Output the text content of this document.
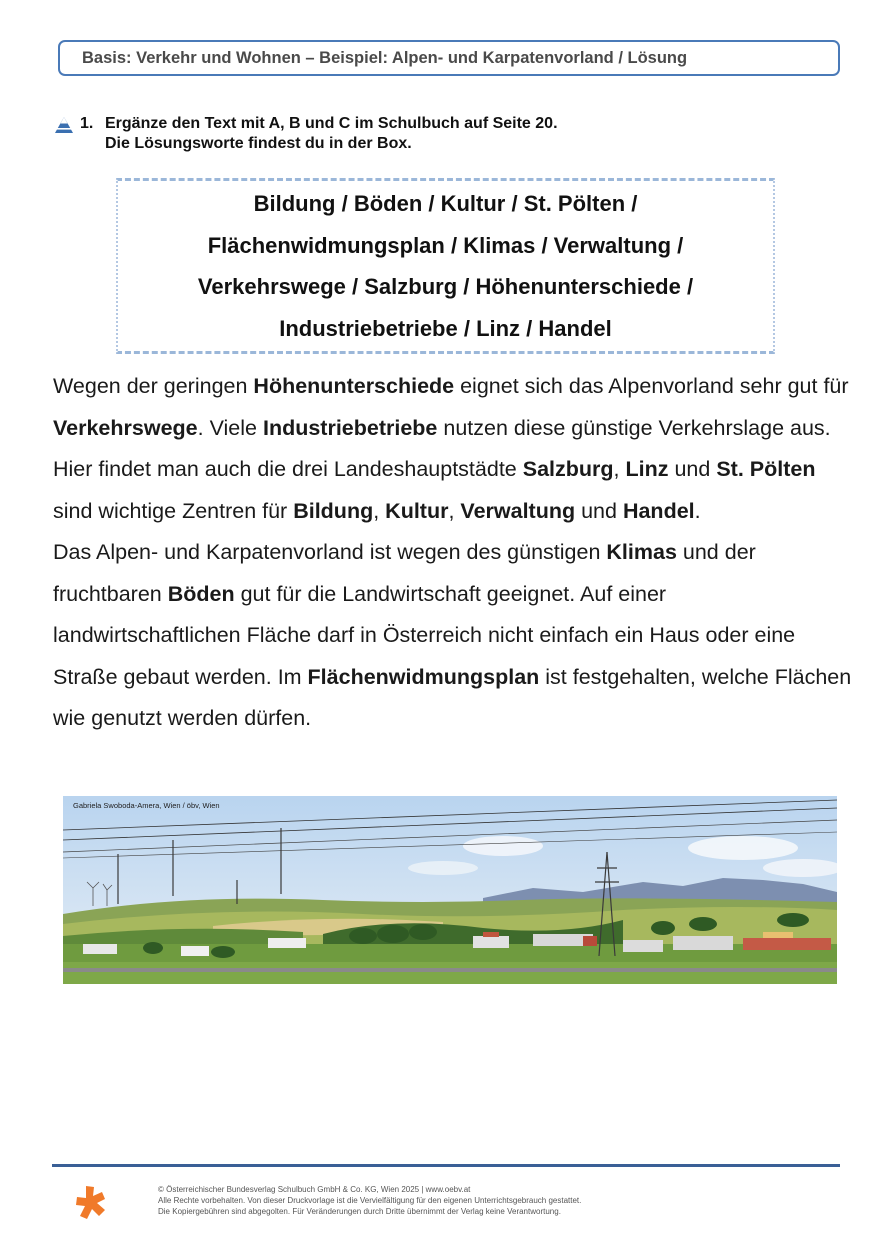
Basis: Verkehr und Wohnen – Beispiel: Alpen- und Karpatenvorland / Lösung
1. Ergänze den Text mit A, B und C im Schulbuch auf Seite 20.
Die Lösungsworte findest du in der Box.
Bildung / Böden / Kultur / St. Pölten /
Flächenwidmungsplan / Klimas / Verwaltung /
Verkehrswege / Salzburg / Höhenunterschiede /
Industriebetriebe / Linz / Handel

Wegen der geringen Höhenunterschiede eignet sich das Alpenvorland sehr gut für Verkehrswege. Viele Industriebetriebe nutzen diese günstige Verkehrslage aus. Hier findet man auch die drei Landeshauptstädte Salzburg, Linz und St. Pölten sind wichtige Zentren für Bildung, Kultur, Verwaltung und Handel.

Das Alpen- und Karpatenvorland ist wegen des günstigen Klimas und der fruchtbaren Böden gut für die Landwirtschaft geeignet. Auf einer landwirtschaftlichen Fläche darf in Österreich nicht einfach ein Haus oder eine Straße gebaut werden. Im Flächenwidmungsplan ist festgehalten, welche Flächen wie genutzt werden dürfen.

Gabriela Swoboda-Amera, Wien / öbv, Wien
© Österreichischer Bundesverlag Schulbuch GmbH & Co. KG, Wien 2025 | www.oebv.at
Alle Rechte vorbehalten. Von dieser Druckvorlage ist die Vervielfältigung für den eigenen Unterrichtsgebrauch gestattet.
Die Kopiergebühren sind abgegolten. Für Veränderungen durch Dritte übernimmt der Verlag keine Verantwortung.
